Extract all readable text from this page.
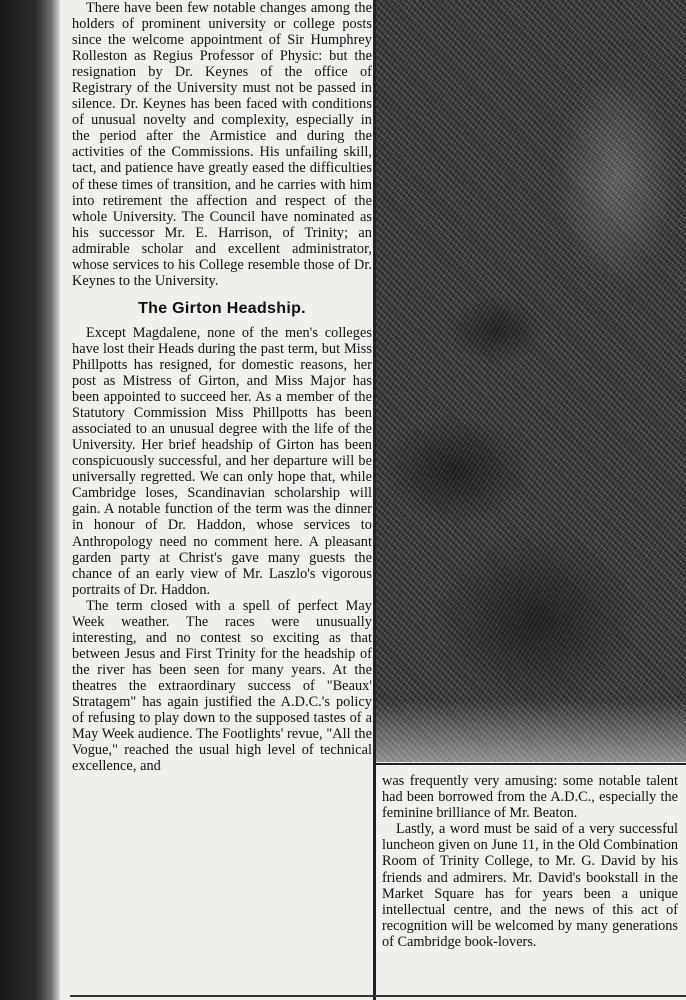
There have been few notable changes among the holders of prominent university or college posts since the welcome appointment of Sir Humphrey Rolleston as Regius Professor of Physic: but the resignation by Dr. Keynes of the office of Registrary of the University must not be passed in silence. Dr. Keynes has been faced with conditions of unusual novelty and complexity, especially in the period after the Armistice and during the activities of the Commissions. His unfailing skill, tact, and patience have greatly eased the difficulties of these times of transition, and he carries with him into retirement the affection and respect of the whole University. The Council have nominated as his successor Mr. E. Harrison, of Trinity; an admirable scholar and excellent administrator, whose services to his College resemble those of Dr. Keynes to the University.

The Girton Headship.

Except Magdalene, none of the men's colleges have lost their Heads during the past term, but Miss Phillpotts has resigned, for domestic reasons, her post as Mistress of Girton, and Miss Major has been appointed to succeed her. As a member of the Statutory Commission Miss Phillpotts has been associated to an unusual degree with the life of the University. Her brief headship of Girton has been conspicuously successful, and her departure will be universally regretted. We can only hope that, while Cambridge loses, Scandinavian scholarship will gain. A notable function of the term was the dinner in honour of Dr. Haddon, whose services to Anthropology need no comment here. A pleasant garden party at Christ's gave many guests the chance of an early view of Mr. Laszlo's vigorous portraits of Dr. Haddon.

The term closed with a spell of perfect May Week weather. The races were unusually interesting, and no contest so exciting as that between Jesus and First Trinity for the headship of the river has been seen for many years. At the theatres the extraordinary success of "Beaux' Stratagem" has again justified the A.D.C.'s policy of refusing to play down to the supposed tastes of a May Week audience. The Footlights' revue, "All the Vogue," reached the usual high level of technical excellence, and

was frequently very amusing: some notable talent had been borrowed from the A.D.C., especially the feminine brilliance of Mr. Beaton.

Lastly, a word must be said of a very successful luncheon given on June 11, in the Old Combination Room of Trinity College, to Mr. G. David by his friends and admirers. Mr. David's bookstall in the Market Square has for years been a unique intellectual centre, and the news of this act of recognition will be welcomed by many generations of Cambridge book-lovers.
